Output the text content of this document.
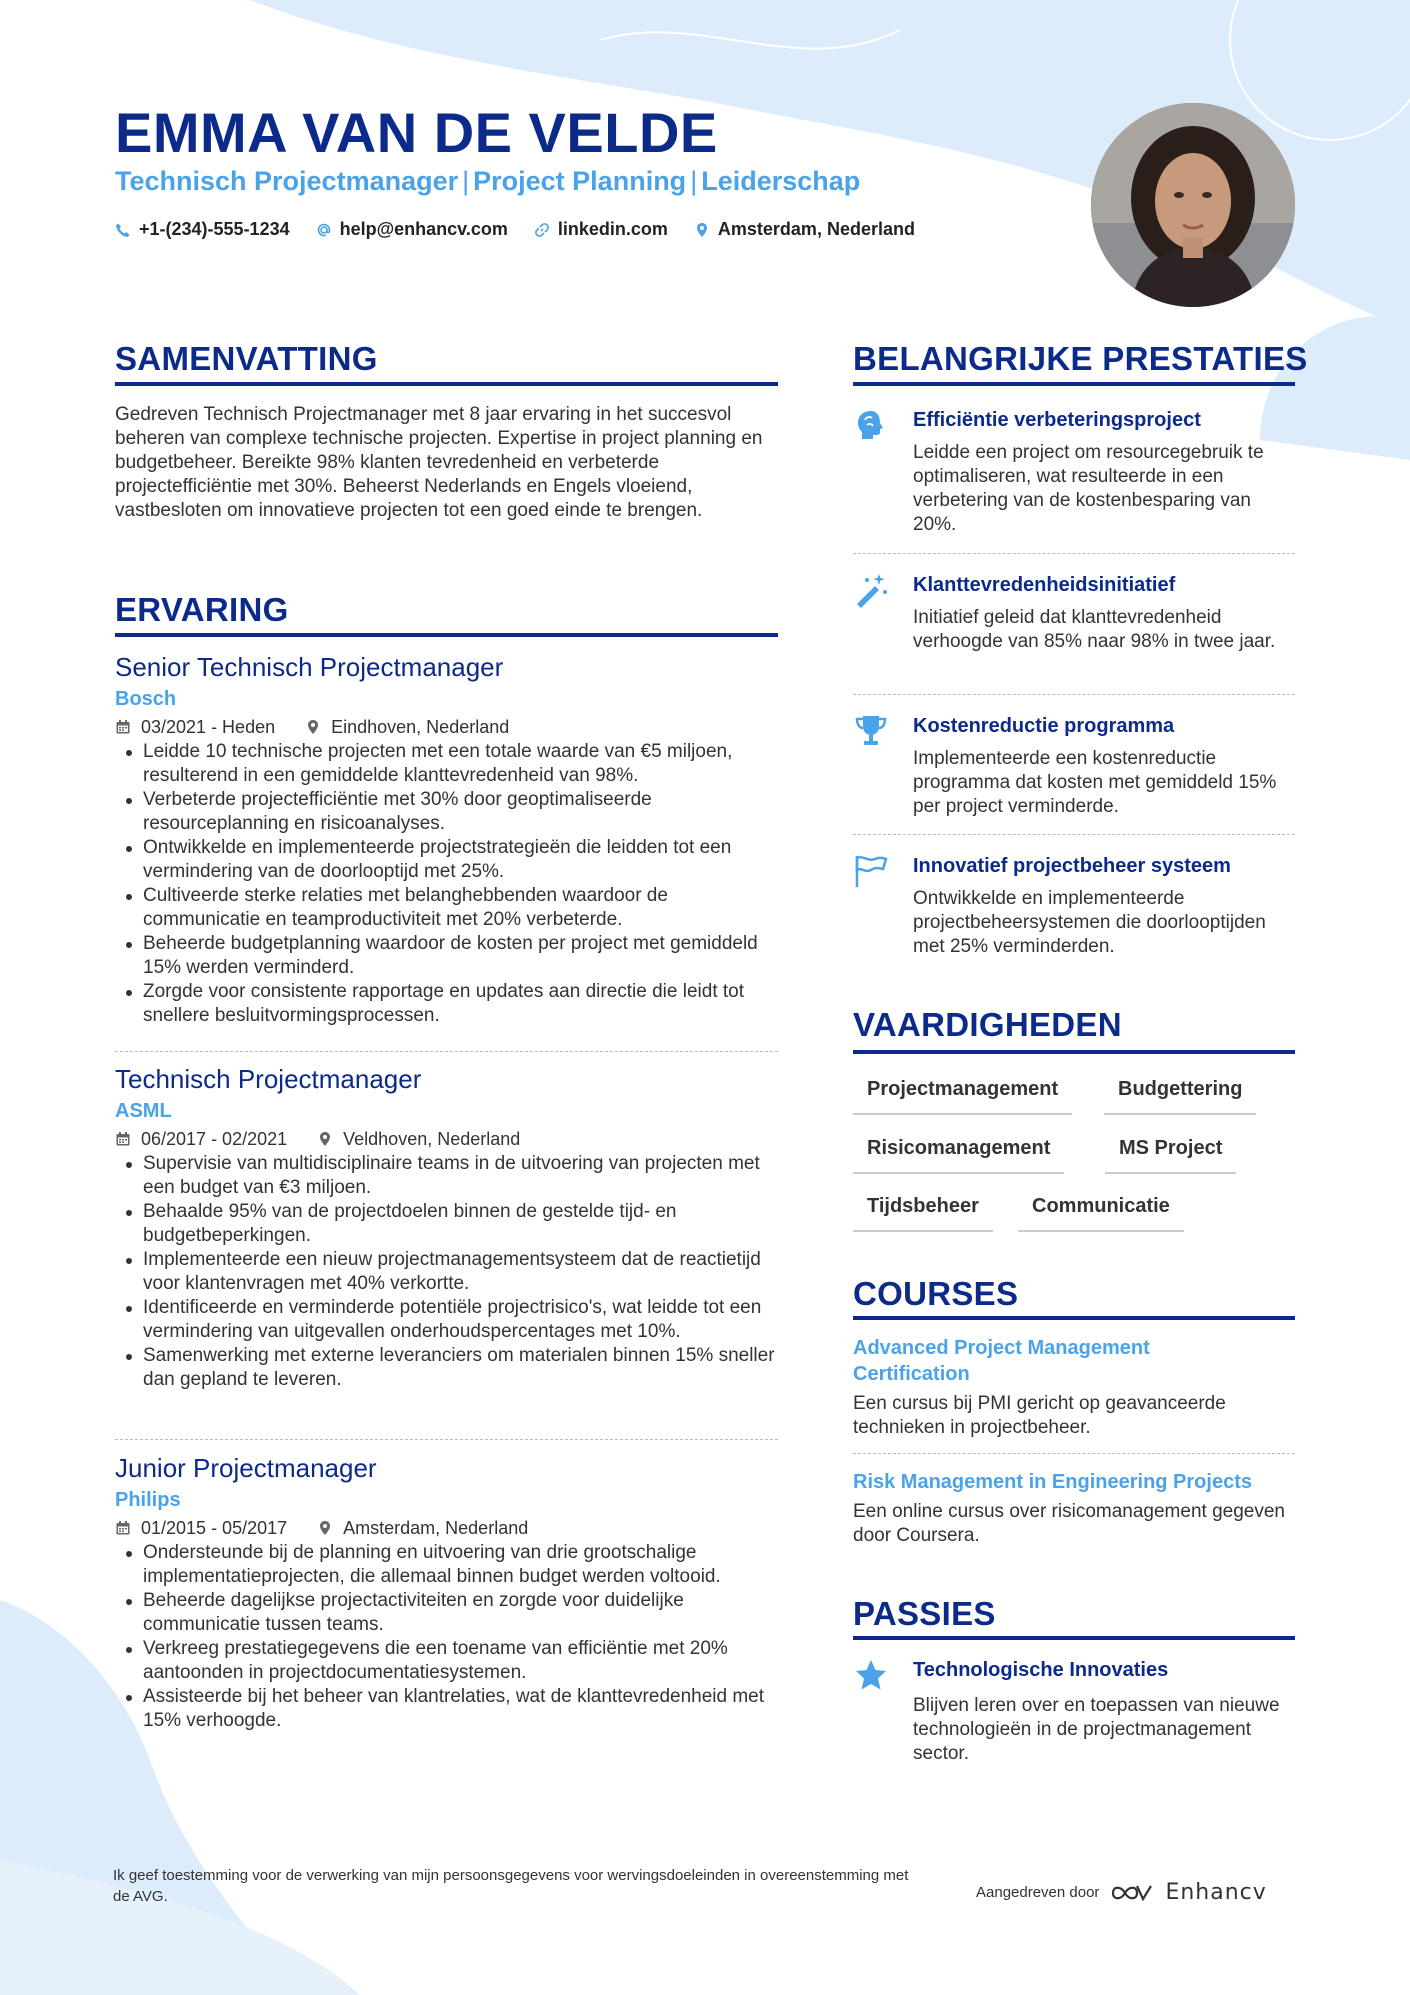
EMMA VAN DE VELDE
Technisch Projectmanager | Project Planning | Leiderschap
+1-(234)-555-1234	help@enhancv.com	linkedin.com	Amsterdam, Nederland
SAMENVATTING
Gedreven Technisch Projectmanager met 8 jaar ervaring in het succesvol beheren van complexe technische projecten. Expertise in project planning en budgetbeheer. Bereikte 98% klanten tevredenheid en verbeterde projectefficiëntie met 30%. Beheerst Nederlands en Engels vloeiend, vastbesloten om innovatieve projecten tot een goed einde te brengen.
ERVARING
Senior Technisch Projectmanager
Bosch
03/2021 - Heden	Eindhoven, Nederland
Leidde 10 technische projecten met een totale waarde van €5 miljoen, resulterend in een gemiddelde klanttevredenheid van 98%.
Verbeterde projectefficiëntie met 30% door geoptimaliseerde resourceplanning en risicoanalyses.
Ontwikkelde en implementeerde projectstrategieën die leidden tot een vermindering van de doorlooptijd met 25%.
Cultiveerde sterke relaties met belanghebbenden waardoor de communicatie en teamproductiviteit met 20% verbeterde.
Beheerde budgetplanning waardoor de kosten per project met gemiddeld 15% werden verminderd.
Zorgde voor consistente rapportage en updates aan directie die leidt tot snellere besluitvormingsprocessen.
Technisch Projectmanager
ASML
06/2017 - 02/2021	Veldhoven, Nederland
Supervisie van multidisciplinaire teams in de uitvoering van projecten met een budget van €3 miljoen.
Behaalde 95% van de projectdoelen binnen de gestelde tijd- en budgetbeperkingen.
Implementeerde een nieuw projectmanagementsysteem dat de reactietijd voor klantenvragen met 40% verkortte.
Identificeerde en verminderde potentiële projectrisico's, wat leidde tot een vermindering van uitgevallen onderhoudspercentages met 10%.
Samenwerking met externe leveranciers om materialen binnen 15% sneller dan gepland te leveren.
Junior Projectmanager
Philips
01/2015 - 05/2017	Amsterdam, Nederland
Ondersteunde bij de planning en uitvoering van drie grootschalige implementatieprojecten, die allemaal binnen budget werden voltooid.
Beheerde dagelijkse projectactiviteiten en zorgde voor duidelijke communicatie tussen teams.
Verkreeg prestatiegegevens die een toename van efficiëntie met 20% aantoonden in projectdocumentatiesystemen.
Assisteerde bij het beheer van klantrelaties, wat de klanttevredenheid met 15% verhoogde.
BELANGRIJKE PRESTATIES
Efficiëntie verbeteringsproject
Leidde een project om resourcegebruik te optimaliseren, wat resulteerde in een verbetering van de kostenbesparing van 20%.
Klanttevredenheidsinitiatief
Initiatief geleid dat klanttevredenheid verhoogde van 85% naar 98% in twee jaar.
Kostenreductie programma
Implementeerde een kostenreductie programma dat kosten met gemiddeld 15% per project verminderde.
Innovatief projectbeheer systeem
Ontwikkelde en implementeerde projectbeheersystemen die doorlooptijden met 25% verminderden.
VAARDIGHEDEN
Projectmanagement	Budgettering
Risicomanagement	MS Project
Tijdsbeheer	Communicatie
COURSES
Advanced Project Management Certification
Een cursus bij PMI gericht op geavanceerde technieken in projectbeheer.
Risk Management in Engineering Projects
Een online cursus over risicomanagement gegeven door Coursera.
PASSIES
Technologische Innovaties
Blijven leren over en toepassen van nieuwe technologieën in de projectmanagement sector.
Ik geef toestemming voor de verwerking van mijn persoonsgegevens voor wervingsdoeleinden in overeenstemming met de AVG.	Aangedreven door	Enhancv
